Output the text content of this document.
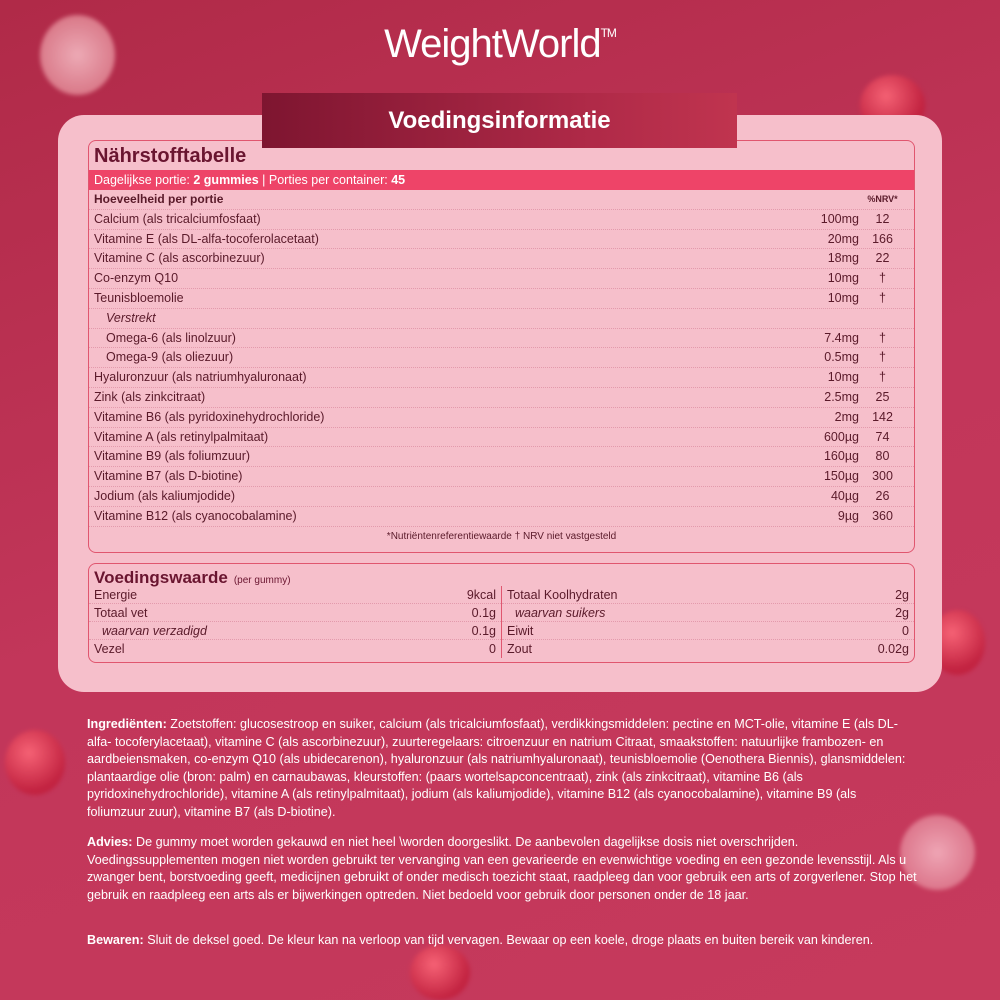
WeightWorld™
Voedingsinformatie
Nährstofftabelle
Dagelijkse portie: 2 gummies | Porties per container: 45
Hoeveelheid per portie	%NRV*
Calcium (als tricalciumfosfaat)	100mg	12
Vitamine E (als DL-alfa-tocoferolacetaat)	20mg	166
Vitamine C (als ascorbinezuur)	18mg	22
Co-enzym Q10	10mg	†
Teunisbloemolie	10mg	†
Verstrekt
Omega-6 (als linolzuur)	7.4mg	†
Omega-9 (als oliezuur)	0.5mg	†
Hyaluronzuur (als natriumhyaluronaat)	10mg	†
Zink (als zinkcitraat)	2.5mg	25
Vitamine B6 (als pyridoxinehydrochloride)	2mg	142
Vitamine A (als retinylpalmitaat)	600µg	74
Vitamine B9 (als foliumzuur)	160µg	80
Vitamine B7 (als D-biotine)	150µg	300
Jodium (als kaliumjodide)	40µg	26
Vitamine B12 (als cyanocobalamine)	9µg	360
*Nutriëntenreferentiewaarde † NRV niet vastgesteld
Voedingswaarde (per gummy)
Energie	9kcal
Totaal vet	0.1g
waarvan verzadigd	0.1g
Vezel	0
Totaal Koolhydraten	2g
waarvan suikers	2g
Eiwit	0
Zout	0.02g
Ingrediënten: Zoetstoffen: glucosestroop en suiker, calcium (als tricalciumfosfaat), verdikkingsmiddelen: pectine en MCT-olie, vitamine E (als DL-alfa- tocoferylacetaat), vitamine C (als ascorbinezuur), zuurteregelaars: citroenzuur en natrium Citraat, smaakstoffen: natuurlijke frambozen- en aardbeiensmaken, co-enzym Q10 (als ubidecarenon), hyaluronzuur (als natriumhyaluronaat), teunisbloemolie (Oenothera Biennis), glansmiddelen: plantaardige olie (bron: palm) en carnaubawas, kleurstoffen: (paars wortelsapconcentraat), zink (als zinkcitraat), vitamine B6 (als pyridoxinehydrochloride), vitamine A (als retinylpalmitaat), jodium (als kaliumjodide), vitamine B12 (als cyanocobalamine), vitamine B9 (als foliumzuur zuur), vitamine B7 (als D-biotine).
Advies: De gummy moet worden gekauwd en niet heel \worden doorgeslikt. De aanbevolen dagelijkse dosis niet overschrijden. Voedingssupplementen mogen niet worden gebruikt ter vervanging van een gevarieerde en evenwichtige voeding en een gezonde levensstijl. Als u zwanger bent, borstvoeding geeft, medicijnen gebruikt of onder medisch toezicht staat, raadpleeg dan voor gebruik een arts of zorgverlener. Stop het gebruik en raadpleeg een arts als er bijwerkingen optreden. Niet bedoeld voor gebruik door personen onder de 18 jaar.
Bewaren: Sluit de deksel goed. De kleur kan na verloop van tijd vervagen. Bewaar op een koele, droge plaats en buiten bereik van kinderen.
